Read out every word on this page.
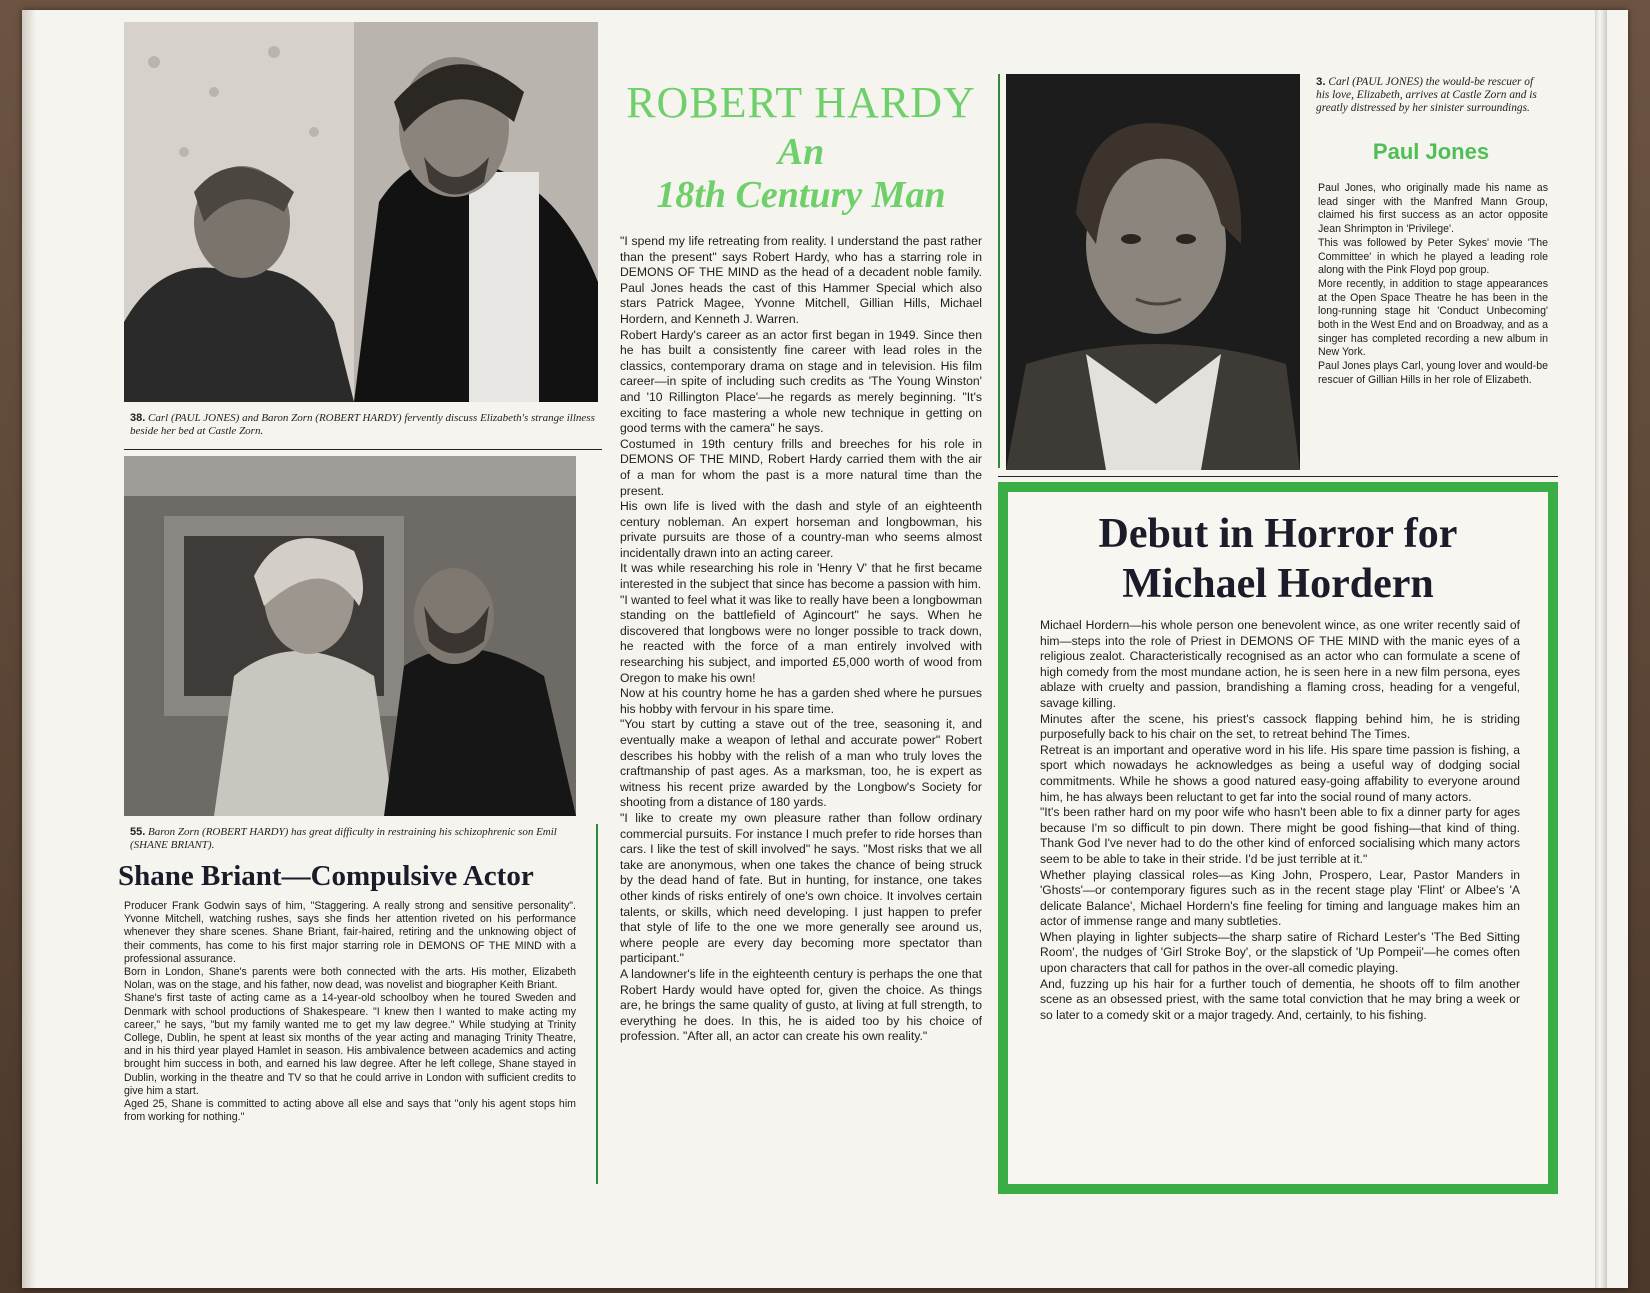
38. Carl (PAUL JONES) and Baron Zorn (ROBERT HARDY) fervently discuss Elizabeth's strange illness beside her bed at Castle Zorn.
55. Baron Zorn (ROBERT HARDY) has great difficulty in restraining his schizophrenic son Emil (SHANE BRIANT).
Shane Briant—Compulsive Actor

Producer Frank Godwin says of him, "Staggering. A really strong and sensitive personality". Yvonne Mitchell, watching rushes, says she finds her attention riveted on his performance whenever they share scenes. Shane Briant, fair-haired, retiring and the unknowing object of their comments, has come to his first major starring role in DEMONS OF THE MIND with a professional assurance.

Born in London, Shane's parents were both connected with the arts. His mother, Elizabeth Nolan, was on the stage, and his father, now dead, was novelist and biographer Keith Briant.

Shane's first taste of acting came as a 14-year-old schoolboy when he toured Sweden and Denmark with school productions of Shakespeare. "I knew then I wanted to make acting my career," he says, "but my family wanted me to get my law degree." While studying at Trinity College, Dublin, he spent at least six months of the year acting and managing Trinity Theatre, and in his third year played Hamlet in season. His ambivalence between academics and acting brought him success in both, and earned his law degree. After he left college, Shane stayed in Dublin, working in the theatre and TV so that he could arrive in London with sufficient credits to give him a start.

Aged 25, Shane is committed to acting above all else and says that "only his agent stops him from working for nothing."

ROBERT HARDY
An
18th Century Man

"I spend my life retreating from reality. I understand the past rather than the present" says Robert Hardy, who has a starring role in DEMONS OF THE MIND as the head of a decadent noble family. Paul Jones heads the cast of this Hammer Special which also stars Patrick Magee, Yvonne Mitchell, Gillian Hills, Michael Hordern, and Kenneth J. Warren.

Robert Hardy's career as an actor first began in 1949. Since then he has built a consistently fine career with lead roles in the classics, contemporary drama on stage and in television. His film career—in spite of including such credits as 'The Young Winston' and '10 Rillington Place'—he regards as merely beginning. "It's exciting to face mastering a whole new technique in getting on good terms with the camera" he says.

Costumed in 19th century frills and breeches for his role in DEMONS OF THE MIND, Robert Hardy carried them with the air of a man for whom the past is a more natural time than the present.

His own life is lived with the dash and style of an eighteenth century nobleman. An expert horseman and longbowman, his private pursuits are those of a country-man who seems almost incidentally drawn into an acting career.

It was while researching his role in 'Henry V' that he first became interested in the subject that since has become a passion with him.

"I wanted to feel what it was like to really have been a longbowman standing on the battlefield of Agincourt" he says. When he discovered that longbows were no longer possible to track down, he reacted with the force of a man entirely involved with researching his subject, and imported £5,000 worth of wood from Oregon to make his own!

Now at his country home he has a garden shed where he pursues his hobby with fervour in his spare time.

"You start by cutting a stave out of the tree, seasoning it, and eventually make a weapon of lethal and accurate power" Robert describes his hobby with the relish of a man who truly loves the craftmanship of past ages. As a marksman, too, he is expert as witness his recent prize awarded by the Longbow's Society for shooting from a distance of 180 yards.

"I like to create my own pleasure rather than follow ordinary commercial pursuits. For instance I much prefer to ride horses than cars. I like the test of skill involved" he says. "Most risks that we all take are anonymous, when one takes the chance of being struck by the dead hand of fate. But in hunting, for instance, one takes other kinds of risks entirely of one's own choice. It involves certain talents, or skills, which need developing. I just happen to prefer that style of life to the one we more generally see around us, where people are every day becoming more spectator than participant."

A landowner's life in the eighteenth century is perhaps the one that Robert Hardy would have opted for, given the choice. As things are, he brings the same quality of gusto, at living at full strength, to everything he does. In this, he is aided too by his choice of profession. "After all, an actor can create his own reality."

3. Carl (PAUL JONES) the would-be rescuer of his love, Elizabeth, arrives at Castle Zorn and is greatly distressed by her sinister surroundings.
Paul Jones

Paul Jones, who originally made his name as lead singer with the Manfred Mann Group, claimed his first success as an actor opposite Jean Shrimpton in 'Privilege'.

This was followed by Peter Sykes' movie 'The Committee' in which he played a leading role along with the Pink Floyd pop group.

More recently, in addition to stage appearances at the Open Space Theatre he has been in the long-running stage hit 'Conduct Unbecoming' both in the West End and on Broadway, and as a singer has completed recording a new album in New York.

Paul Jones plays Carl, young lover and would-be rescuer of Gillian Hills in her role of Elizabeth.

Debut in Horror for
Michael Hordern

Michael Hordern—his whole person one benevolent wince, as one writer recently said of him—steps into the role of Priest in DEMONS OF THE MIND with the manic eyes of a religious zealot. Characteristically recognised as an actor who can formulate a scene of high comedy from the most mundane action, he is seen here in a new film persona, eyes ablaze with cruelty and passion, brandishing a flaming cross, heading for a vengeful, savage killing.

Minutes after the scene, his priest's cassock flapping behind him, he is striding purposefully back to his chair on the set, to retreat behind The Times.

Retreat is an important and operative word in his life. His spare time passion is fishing, a sport which nowadays he acknowledges as being a useful way of dodging social commitments. While he shows a good natured easy-going affability to everyone around him, he has always been reluctant to get far into the social round of many actors.

"It's been rather hard on my poor wife who hasn't been able to fix a dinner party for ages because I'm so difficult to pin down. There might be good fishing—that kind of thing. Thank God I've never had to do the other kind of enforced socialising which many actors seem to be able to take in their stride. I'd be just terrible at it."

Whether playing classical roles—as King John, Prospero, Lear, Pastor Manders in 'Ghosts'—or contemporary figures such as in the recent stage play 'Flint' or Albee's 'A delicate Balance', Michael Hordern's fine feeling for timing and language makes him an actor of immense range and many subtleties.

When playing in lighter subjects—the sharp satire of Richard Lester's 'The Bed Sitting Room', the nudges of 'Girl Stroke Boy', or the slapstick of 'Up Pompeii'—he comes often upon characters that call for pathos in the over-all comedic playing.

And, fuzzing up his hair for a further touch of dementia, he shoots off to film another scene as an obsessed priest, with the same total conviction that he may bring a week or so later to a comedy skit or a major tragedy. And, certainly, to his fishing.
